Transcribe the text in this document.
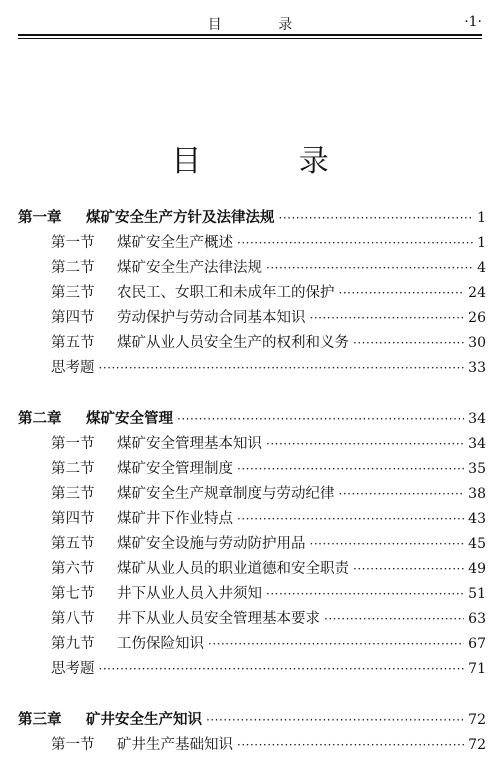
目 录	·1·
目 录
第一章	煤矿安全生产方针及法律法规 ·····	1
第一节	煤矿安全生产概述 ·····	1
第二节	煤矿安全生产法律法规 ·····	4
第三节	农民工、女职工和未成年工的保护 ·····	24
第四节	劳动保护与劳动合同基本知识 ·····	26
第五节	煤矿从业人员安全生产的权利和义务 ·····	30
思考题 ·····	33
第二章	煤矿安全管理 ·····	34
第一节	煤矿安全管理基本知识 ·····	34
第二节	煤矿安全管理制度 ·····	35
第三节	煤矿安全生产规章制度与劳动纪律 ·····	38
第四节	煤矿井下作业特点 ·····	43
第五节	煤矿安全设施与劳动防护用品 ·····	45
第六节	煤矿从业人员的职业道德和安全职责 ·····	49
第七节	井下从业人员入井须知 ·····	51
第八节	井下从业人员安全管理基本要求 ·····	63
第九节	工伤保险知识 ·····	67
思考题 ·····	71
第三章	矿井安全生产知识 ·····	72
第一节	矿井生产基础知识 ·····	72
